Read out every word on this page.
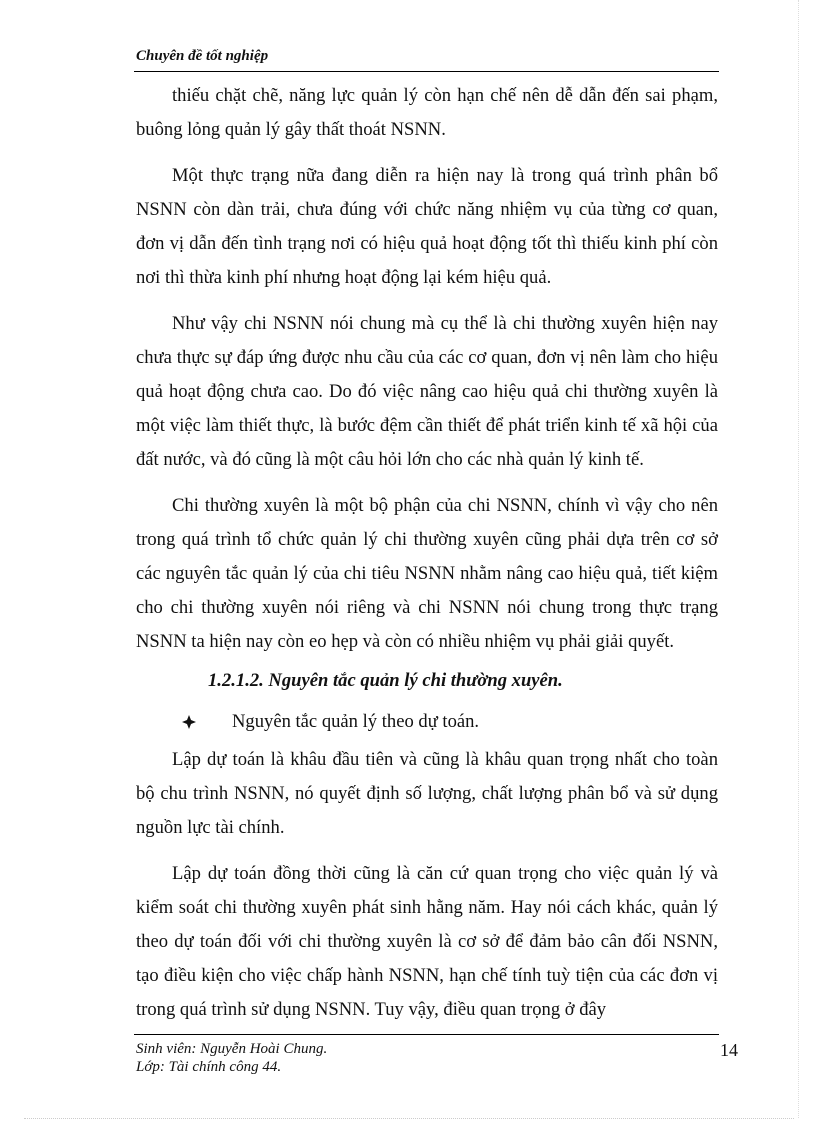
Chuyên đề tốt nghiệp

thiếu chặt chẽ, năng lực quản lý còn hạn chế nên dễ dẫn đến sai phạm, buông lỏng quản lý gây thất thoát NSNN.

Một thực trạng nữa đang diễn ra hiện nay là trong quá trình phân bổ NSNN còn dàn trải, chưa đúng với chức năng nhiệm vụ của từng cơ quan, đơn vị dẫn đến tình trạng nơi có hiệu quả hoạt động tốt thì thiếu kinh phí còn nơi thì thừa kinh phí nhưng hoạt động lại kém hiệu quả.

Như vậy chi NSNN nói chung mà cụ thể là chi thường xuyên hiện nay chưa thực sự đáp ứng được nhu cầu của các cơ quan, đơn vị nên làm cho hiệu quả hoạt động chưa cao. Do đó việc nâng cao hiệu quả chi thường xuyên là một việc làm thiết thực, là bước đệm cần thiết để phát triển kinh tế xã hội của đất nước, và đó cũng là một câu hỏi lớn cho các nhà quản lý kinh tế.

Chi thường xuyên là một bộ phận của chi NSNN, chính vì vậy cho nên trong quá trình tổ chức quản lý chi thường xuyên cũng phải dựa trên cơ sở các nguyên tắc quản lý của chi tiêu NSNN nhằm nâng cao hiệu quả, tiết kiệm cho chi thường xuyên nói riêng và chi NSNN nói chung trong thực trạng NSNN ta hiện nay còn eo hẹp và còn có nhiều nhiệm vụ phải giải quyết.

1.2.1.2. Nguyên tắc quản lý chi thường xuyên.

Nguyên tắc quản lý theo dự toán.

Lập dự toán là khâu đầu tiên và cũng là khâu quan trọng nhất cho toàn bộ chu trình NSNN, nó quyết định số lượng, chất lượng phân bổ và sử dụng nguồn lực tài chính.

Lập dự toán đồng thời cũng là căn cứ quan trọng cho việc quản lý và kiểm soát chi thường xuyên phát sinh hằng năm. Hay nói cách khác, quản lý theo dự toán đối với chi thường xuyên là cơ sở để đảm bảo cân đối NSNN, tạo điều kiện cho việc chấp hành NSNN, hạn chế tính tuỳ tiện của các đơn vị trong quá trình sử dụng NSNN. Tuy vậy, điều quan trọng ở đây

Sinh viên: Nguyễn Hoài Chung.
Lớp: Tài chính công 44.
14
